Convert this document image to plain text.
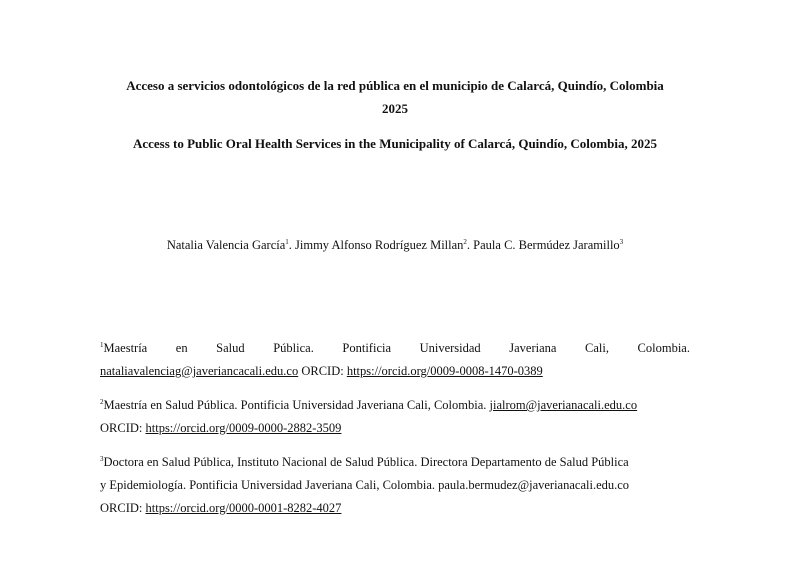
Acceso a servicios odontológicos de la red pública en el municipio de Calarcá, Quindío, Colombia
2025
Access to Public Oral Health Services in the Municipality of Calarcá, Quindío, Colombia, 2025
Natalia Valencia García$^1$. Jimmy Alfonso Rodríguez Millan$^2$. Paula C. Bermúdez Jaramillo$^3$
$^1$Maestría en Salud Pública. Pontificia Universidad Javeriana Cali, Colombia.
nataliavalenciag@javeriancacali.edu.co ORCID: https://orcid.org/0009-0008-1470-0389
$^2$Maestría en Salud Pública. Pontificia Universidad Javeriana Cali, Colombia. jialrom@javerianacali.edu.co
ORCID: https://orcid.org/0009-0000-2882-3509
$^3$Doctora en Salud Pública, Instituto Nacional de Salud Pública. Directora Departamento de Salud Pública
y Epidemiología. Pontificia Universidad Javeriana Cali, Colombia. paula.bermudez@javerianacali.edu.co
ORCID: https://orcid.org/0000-0001-8282-4027
